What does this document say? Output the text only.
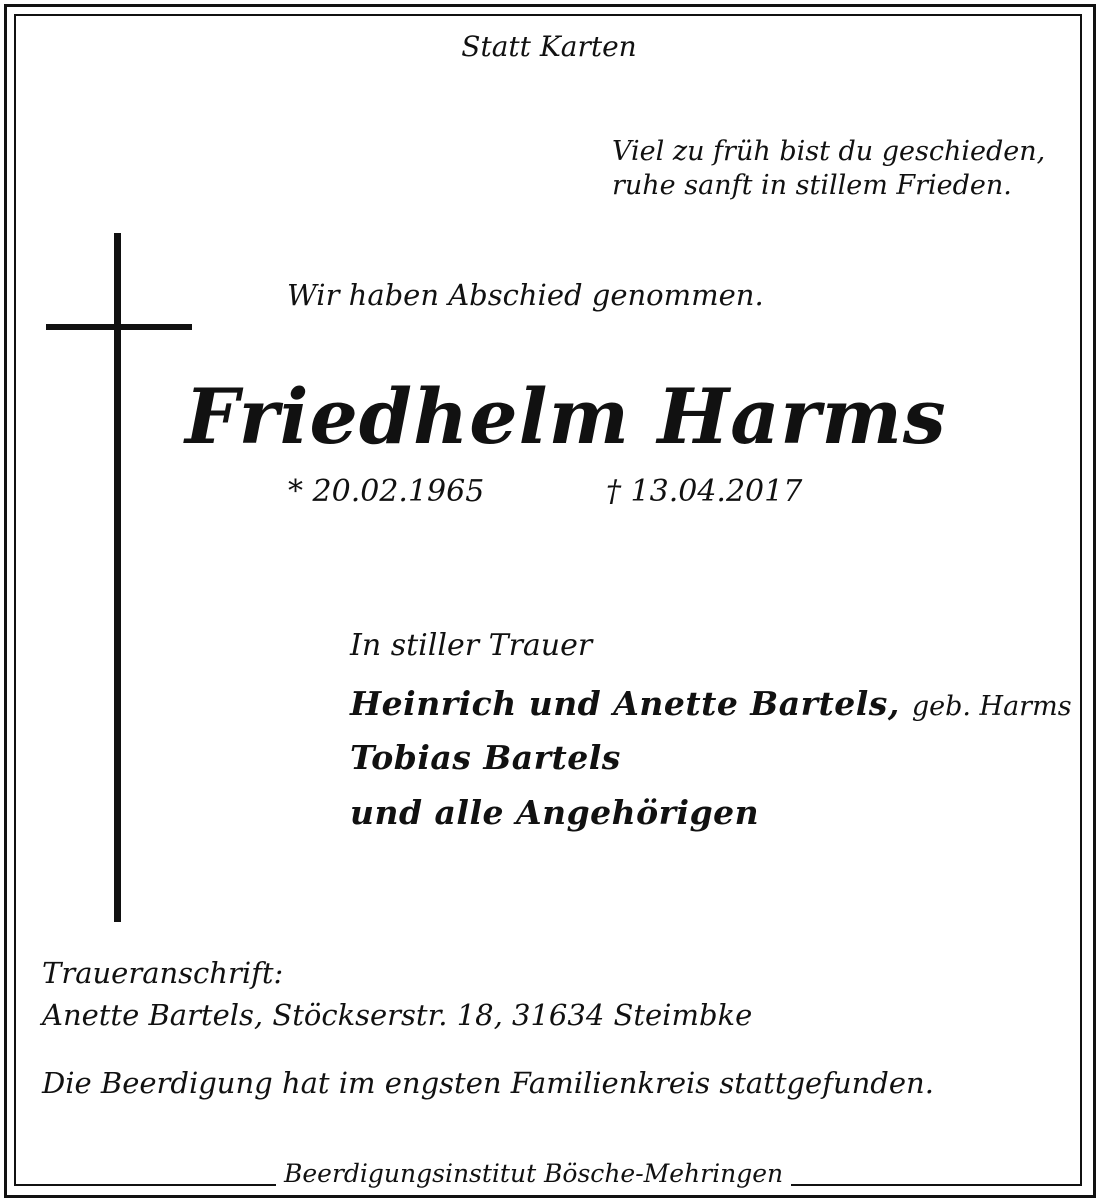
Statt Karten
Viel zu früh bist du geschieden,
ruhe sanft in stillem Frieden.
Wir haben Abschied genommen.
Friedhelm Harms
* 20.02.1965	† 13.04.2017
In stiller Trauer
Heinrich und Anette Bartels, geb. Harms
Tobias Bartels
und alle Angehörigen
Traueranschrift:
Anette Bartels, Stöckserstr. 18, 31634 Steimbke
Die Beerdigung hat im engsten Familienkreis stattgefunden.
Beerdigungsinstitut Bösche-Mehringen
